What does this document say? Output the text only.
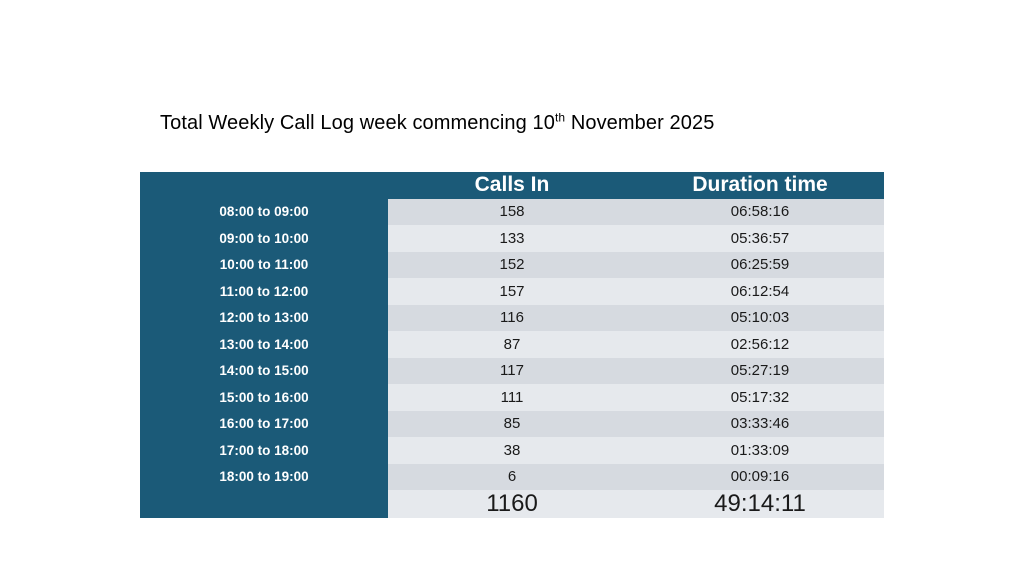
Total Weekly Call Log week commencing 10th November 2025
	Calls In	Duration time
08:00 to 09:00	158	06:58:16
09:00 to 10:00	133	05:36:57
10:00 to 11:00	152	06:25:59
11:00 to 12:00	157	06:12:54
12:00 to 13:00	116	05:10:03
13:00 to 14:00	87	02:56:12
14:00 to 15:00	117	05:27:19
15:00 to 16:00	111	05:17:32
16:00 to 17:00	85	03:33:46
17:00 to 18:00	38	01:33:09
18:00 to 19:00	6	00:09:16
	1160	49:14:11
